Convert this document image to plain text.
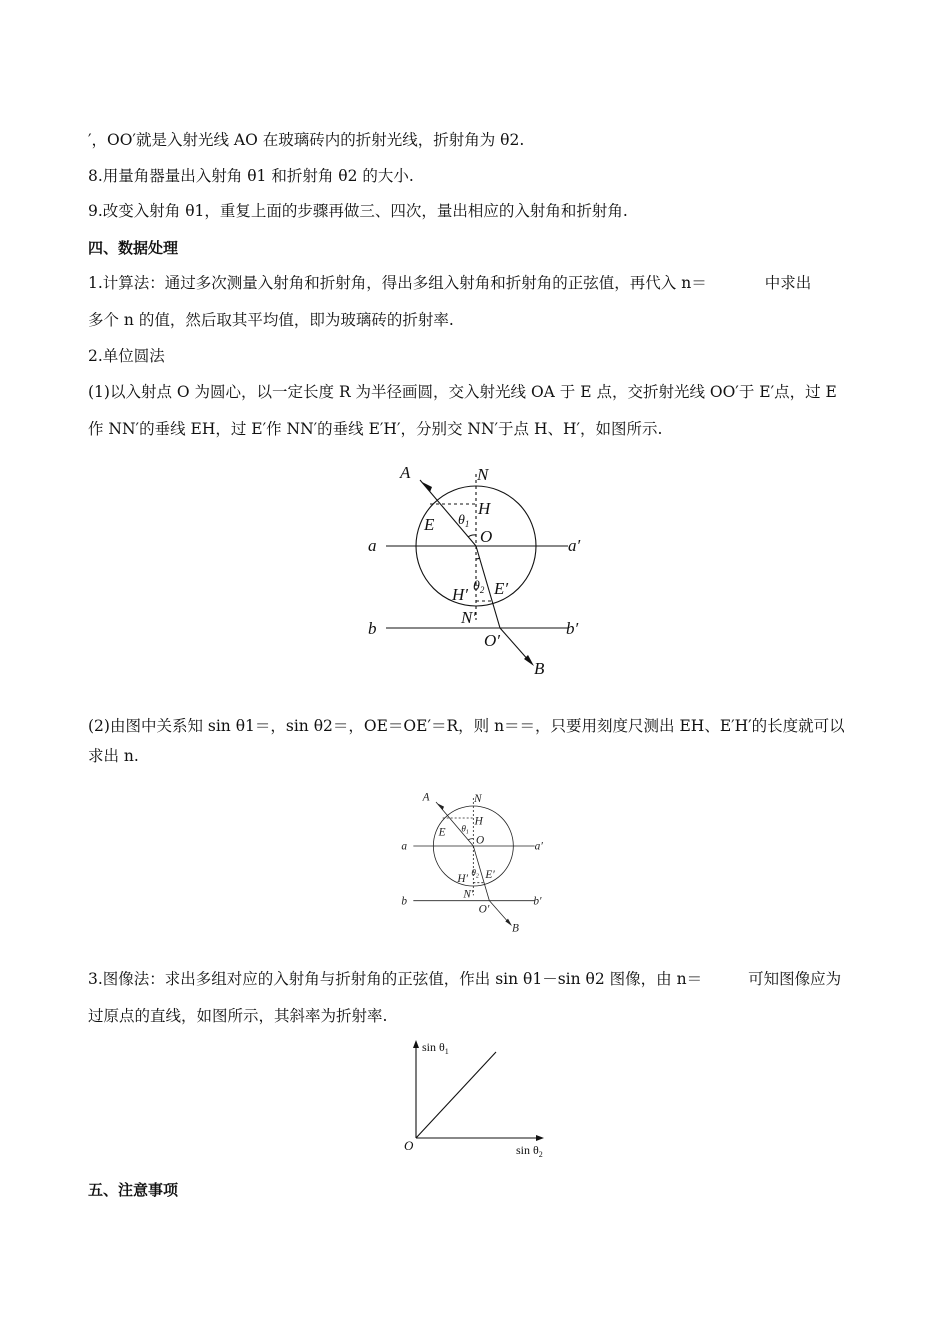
′，OO′就是入射光线 AO 在玻璃砖内的折射光线，折射角为 θ2.
8.用量角器量出入射角 θ1 和折射角 θ2 的大小.
9.改变入射角 θ1，重复上面的步骤再做三、四次，量出相应的入射角和折射角.
四、数据处理
1.计算法：通过多次测量入射角和折射角，得出多组入射角和折射角的正弦值，再代入 n＝	中求出
多个 n 的值，然后取其平均值，即为玻璃砖的折射率.
2.单位圆法
(1)以入射点 O 为圆心，以一定长度 R 为半径画圆，交入射光线 OA 于 E 点，交折射光线 OO′于 E′点，过 E
作 NN′的垂线 EH，过 E′作 NN′的垂线 E′H′，分别交 NN′于点 H、H′，如图所示.
A	N
H
E $\theta_1$
O
a	a′
H′ $\theta_2$ E′
N′
b	b′
O′
B
(2)由图中关系知 sin θ1＝，sin θ2＝，OE＝OE′＝R，则 n＝＝，只要用刻度尺测出 EH、E′H′的长度就可以
求出 n.
A	N
H
E $\theta_1$
O
a	a′
H′ $\theta_2$ E′
N′
b	b′
O′
B
3.图像法：求出多组对应的入射角与折射角的正弦值，作出 sin θ1－sin θ2 图像，由 n＝	可知图像应为
过原点的直线，如图所示，其斜率为折射率.
$\sin \theta_1$
$\sin \theta_2$
O
五、注意事项
